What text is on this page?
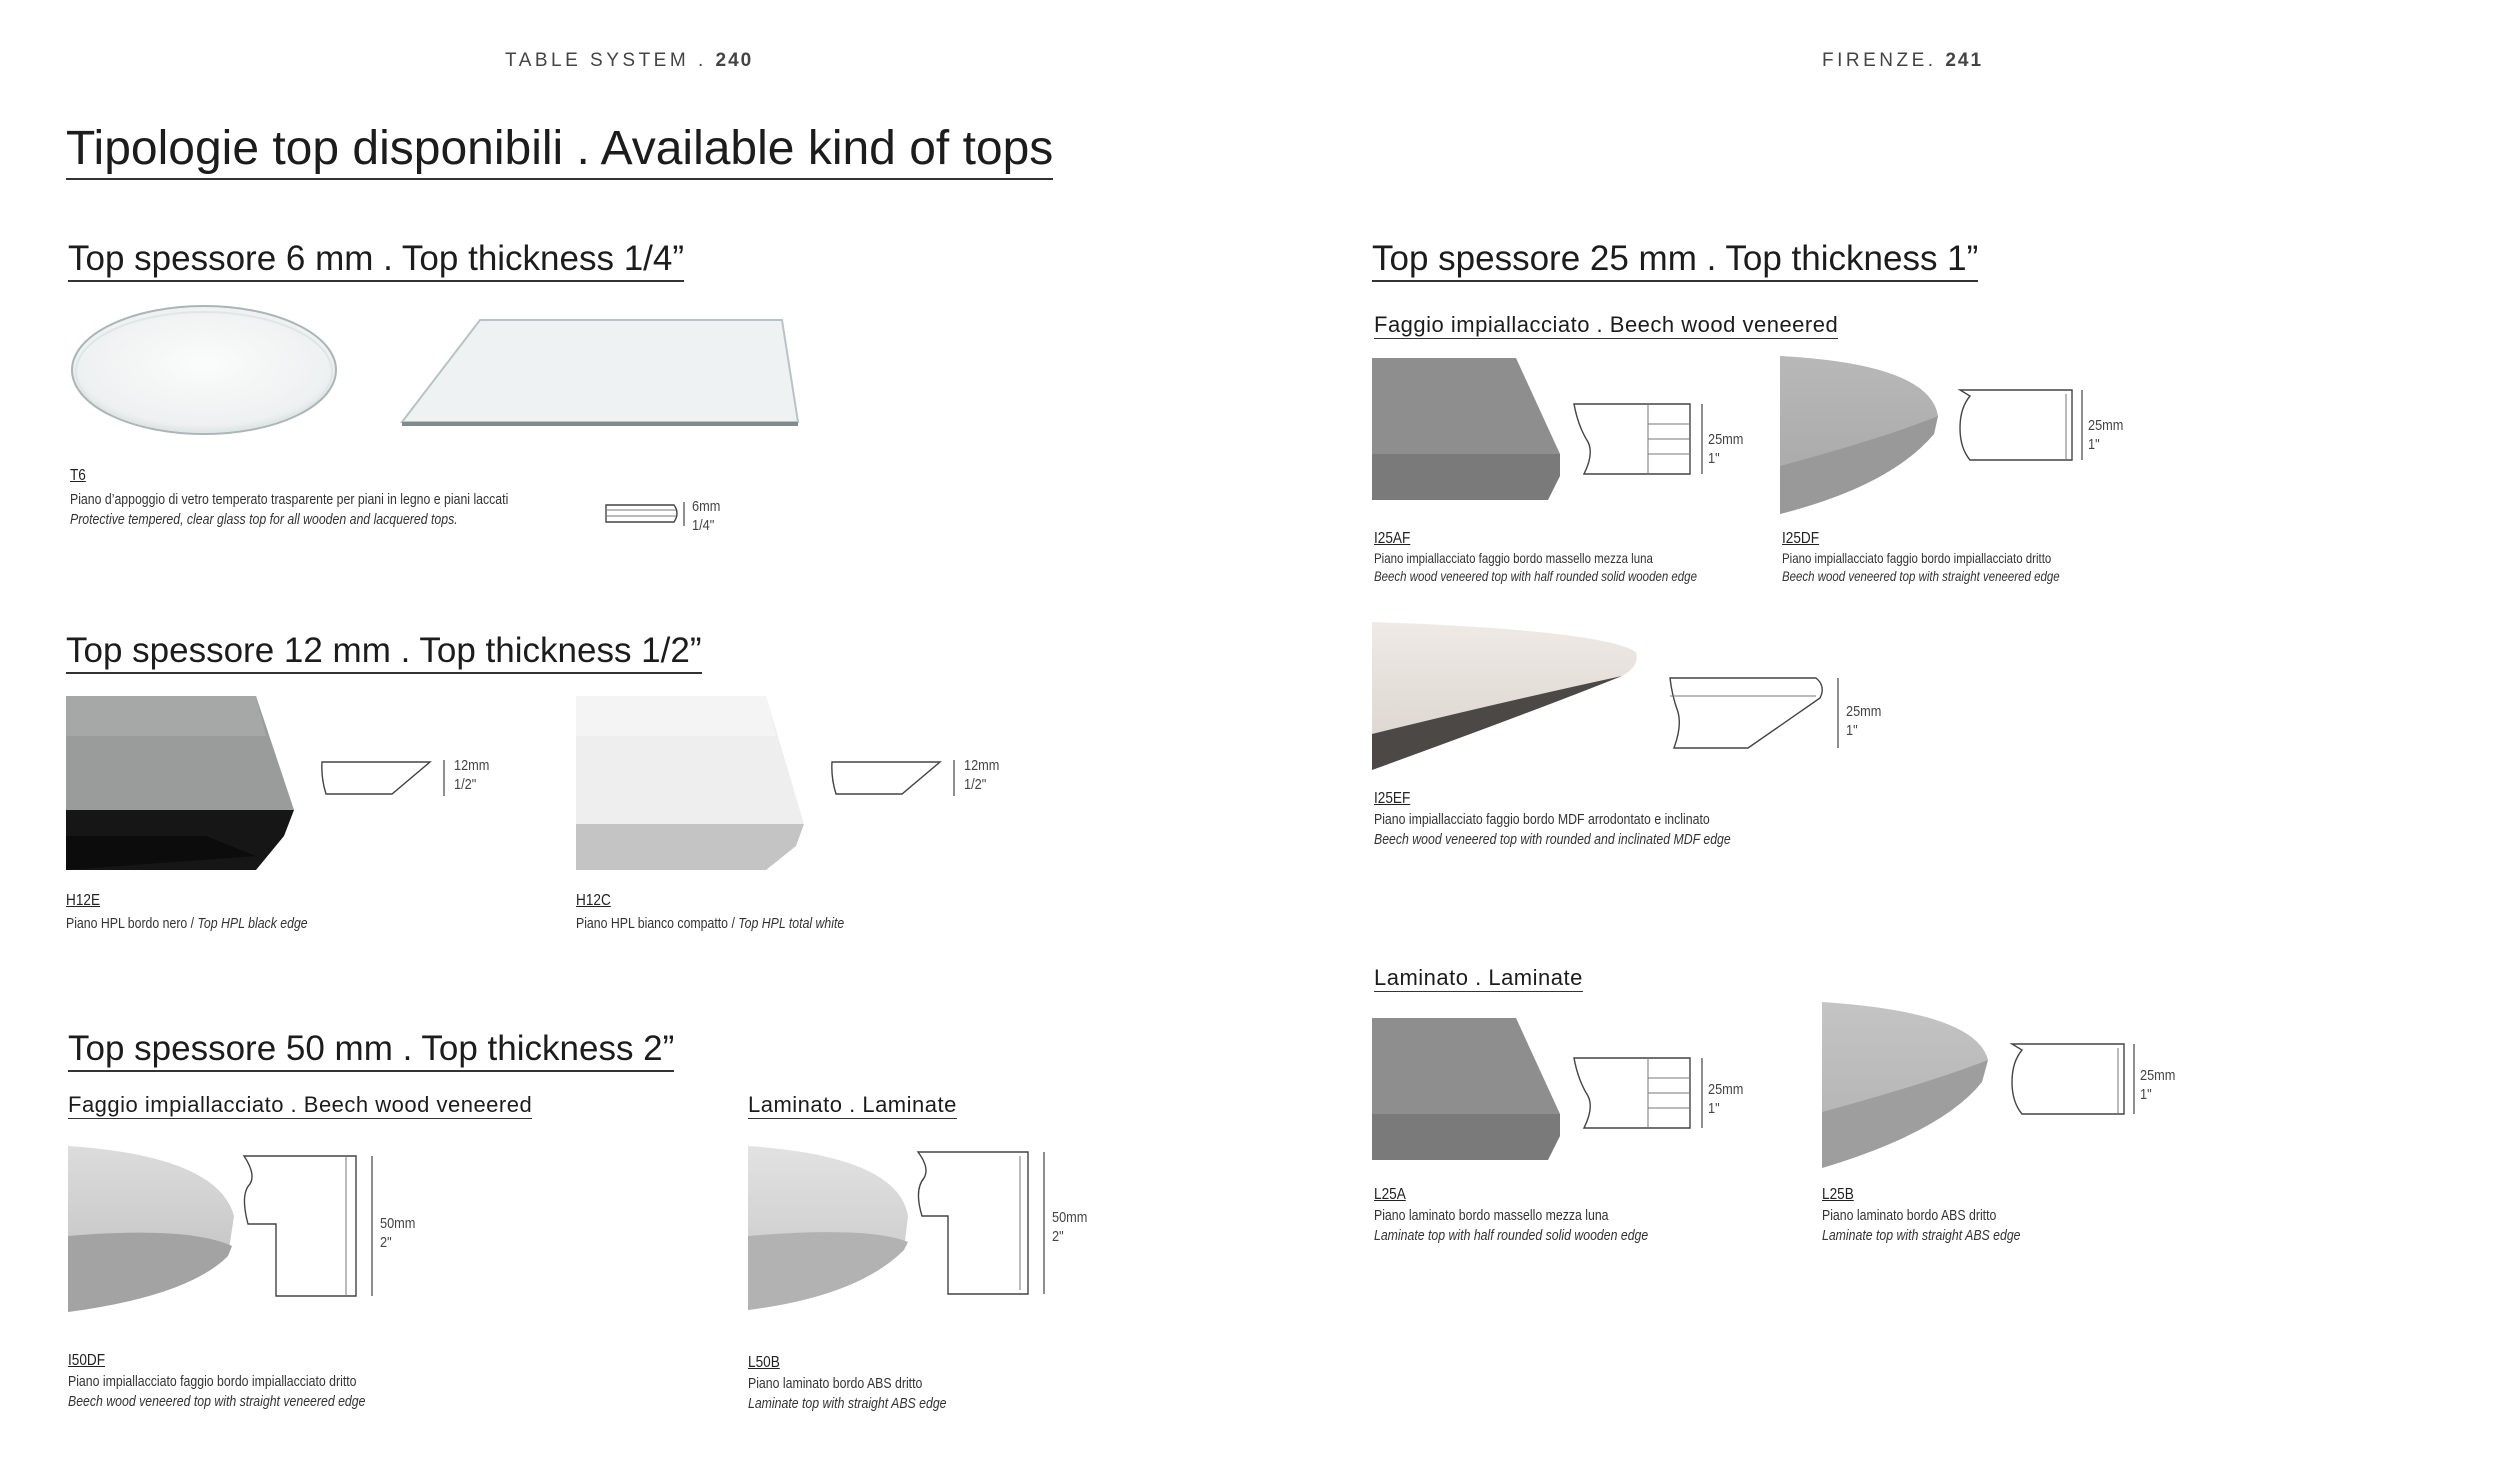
TABLE SYSTEM . 240	FIRENZE. 241
Tipologie top disponibili . Available kind of tops
Top spessore 6 mm . Top thickness 1/4”
T6
Piano d’appoggio di vetro temperato trasparente per piani in legno e piani laccati
Protective tempered, clear glass top for all wooden and lacquered tops.
6mm
1/4"
Top spessore 12 mm . Top thickness 1/2”
12mm
1/2"
H12E
Piano HPL bordo nero / Top HPL black edge
12mm
1/2"
H12C
Piano HPL bianco compatto / Top HPL total white
Top spessore 50 mm . Top thickness 2”
Faggio impiallacciato . Beech wood veneered	Laminato . Laminate
50mm
2"
I50DF
Piano impiallacciato faggio bordo impiallacciato dritto
Beech wood veneered top with straight veneered edge
50mm
2"
L50B
Piano laminato bordo ABS dritto
Laminate top with straight ABS edge
Top spessore 25 mm . Top thickness 1”
Faggio impiallacciato . Beech wood veneered
25mm
1"
I25AF
Piano impiallacciato faggio bordo massello mezza luna
Beech wood veneered top with half rounded solid wooden edge
25mm
1"
I25DF
Piano impiallacciato faggio bordo impiallacciato dritto
Beech wood veneered top with straight veneered edge
25mm
1"
I25EF
Piano impiallacciato faggio bordo MDF arrodontato e inclinato
Beech wood veneered top with rounded and inclinated MDF edge
Laminato . Laminate
25mm
1"
L25A
Piano laminato bordo massello mezza luna
Laminate top with half rounded solid wooden edge
25mm
1"
L25B
Piano laminato bordo ABS dritto
Laminate top with straight ABS edge
